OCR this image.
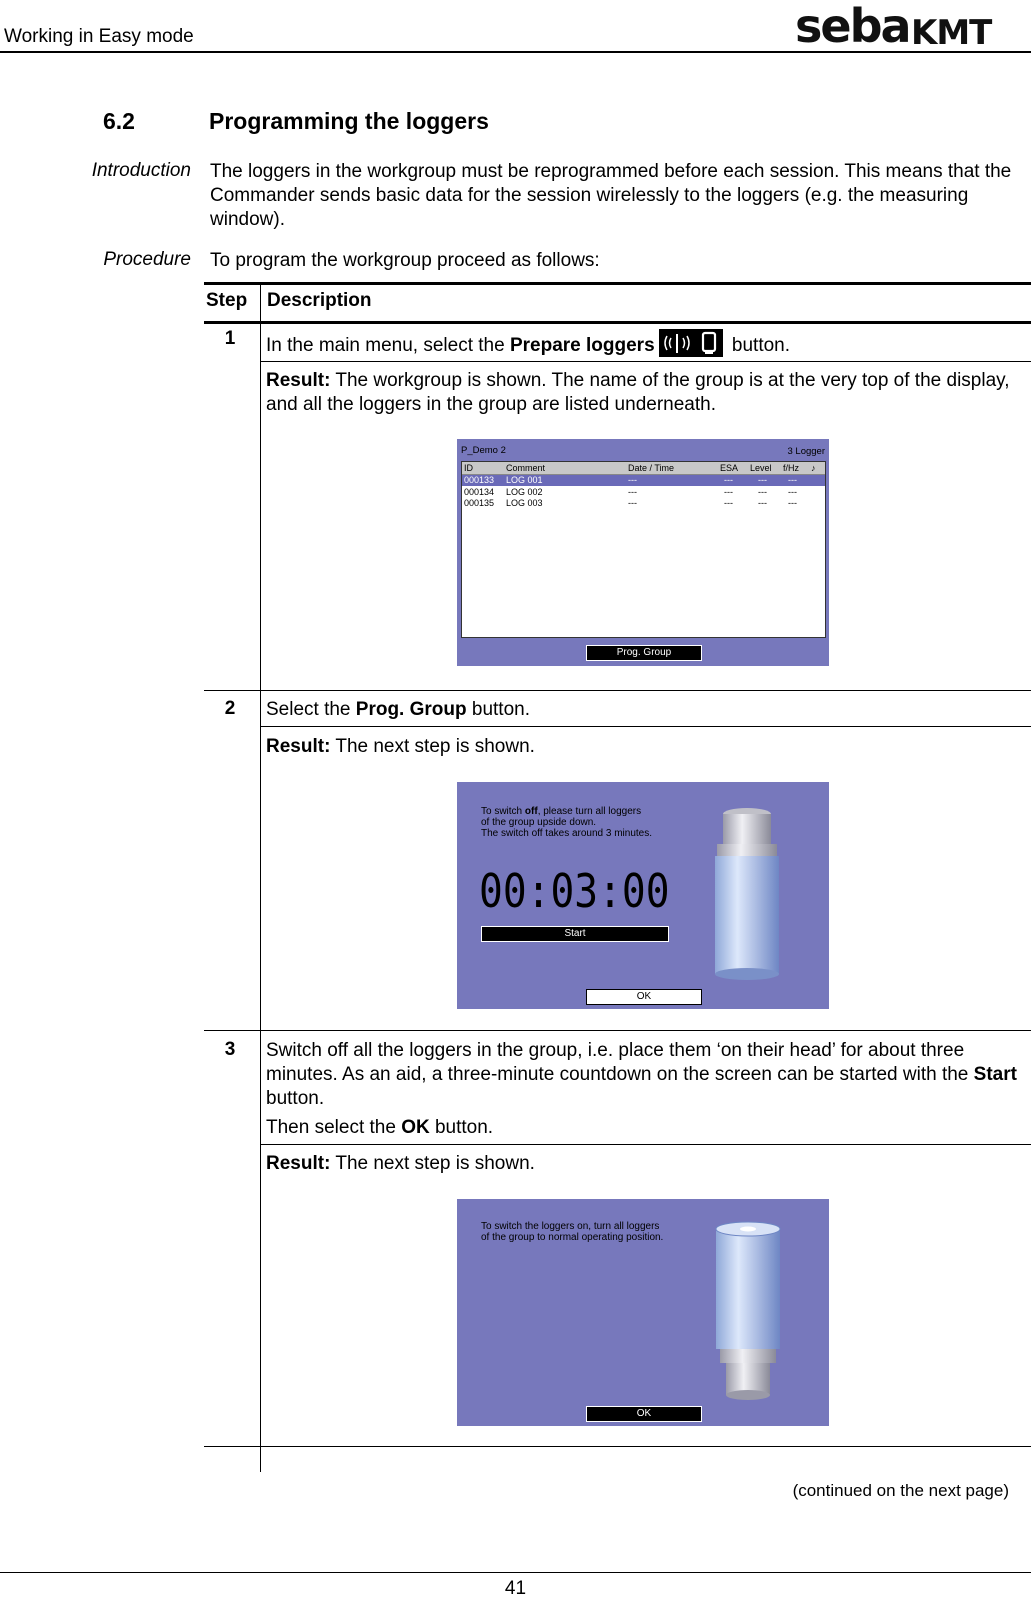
Working in Easy mode	seba KMT
6.2	Programming the loggers
Introduction The loggers in the workgroup must be reprogrammed before each session. This means that the Commander sends basic data for the session wirelessly to the loggers (e.g. the measuring window).
Procedure To program the workgroup proceed as follows:
Step Description
1	In the main menu, select the Prepare loggers	button.
Result: The workgroup is shown. The name of the group is at the very top of the display, and all the loggers in the group are listed underneath.
P_Demo 2	3 Logger
ID	Comment	Date / Time	ESA Level f/Hz ♪
000133 LOG 001	---	---	--- ---
000134 LOG 002	---	---	--- ---
000135 LOG 003	---	---	--- ---
Prog. Group
2	Select the Prog. Group button.
Result: The next step is shown.
To switch off, please turn all loggers
of the group upside down.
The switch off takes around 3 minutes.
00:03:00
Start
OK
3	Switch off all the loggers in the group, i.e. place them ‘on their head’ for about three minutes. As an aid, a three-minute countdown on the screen can be started with the Start button.

Then select the OK button.

Result: The next step is shown.
To switch the loggers on, turn all loggers
of the group to normal operating position.
OK
(continued on the next page)
41
